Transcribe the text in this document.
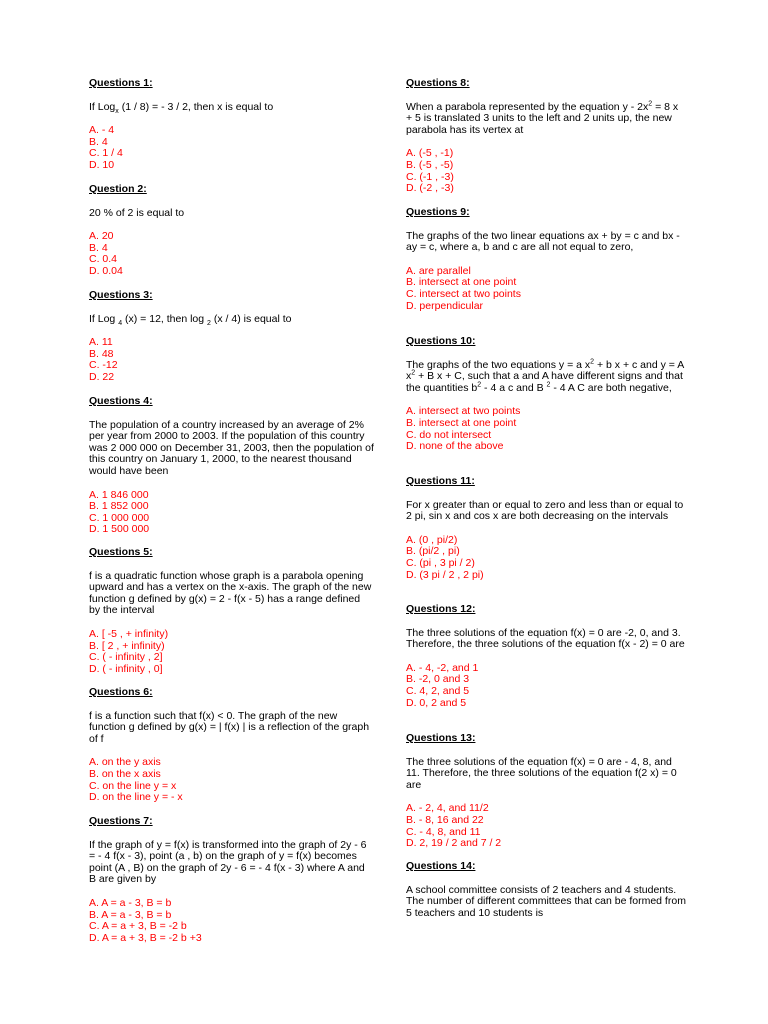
Questions 1:
If Log$_x$ (1 / 8) = - 3 / 2, then x is equal to
A. - 4
B. 4
C. 1 / 4
D. 10
Question 2:
20 % of 2 is equal to
A. 20
B. 4
C. 0.4
D. 0.04
Questions 3:
If Log $_4$ (x) = 12, then log $_2$ (x / 4) is equal to
A. 11
B. 48
C. -12
D. 22
Questions 4:
The population of a country increased by an average of 2% per year from 2000 to 2003. If the population of this country was 2 000 000 on December 31, 2003, then the population of this country on January 1, 2000, to the nearest thousand would have been
A. 1 846 000
B. 1 852 000
C. 1 000 000
D. 1 500 000
Questions 5:
f is a quadratic function whose graph is a parabola opening upward and has a vertex on the x-axis. The graph of the new function g defined by g(x) = 2 - f(x - 5) has a range defined by the interval
A. [ -5 , + infinity)
B. [ 2 , + infinity)
C. ( - infinity , 2]
D. ( - infinity , 0]
Questions 6:
f is a function such that f(x) < 0. The graph of the new function g defined by g(x) = | f(x) | is a reflection of the graph of f
A. on the y axis
B. on the x axis
C. on the line y = x
D. on the line y = - x
Questions 7:
If the graph of y = f(x) is transformed into the graph of 2y - 6 = - 4 f(x - 3), point (a , b) on the graph of y = f(x) becomes point (A , B) on the graph of 2y - 6 = - 4 f(x - 3) where A and B are given by
A. A = a - 3, B = b
B. A = a - 3, B = b
C. A = a + 3, B = -2 b
D. A = a + 3, B = -2 b +3
Questions 8:
When a parabola represented by the equation $y - 2x^2 = 8$ x + 5 is translated 3 units to the left and 2 units up, the new parabola has its vertex at
A. (-5 , -1)
B. (-5 , -5)
C. (-1 , -3)
D. (-2 , -3)
Questions 9:
The graphs of the two linear equations ax + by = c and bx - ay = c, where a, b and c are all not equal to zero,
A. are parallel
B. intersect at one point
C. intersect at two points
D. perpendicular
Questions 10:
The graphs of the two equations y = a $x^2 + b$ x + c and y = A $x^2 + B$ x + C, such that a and A have different signs and that the quantities $b^2 - 4$ a c and B $^2$ - 4 A C are both negative,
A. intersect at two points
B. intersect at one point
C. do not intersect
D. none of the above
Questions 11:
For x greater than or equal to zero and less than or equal to 2 pi, sin x and cos x are both decreasing on the intervals
A. (0 , pi/2)
B. (pi/2 , pi)
C. (pi , 3 pi / 2)
D. (3 pi / 2 , 2 pi)
Questions 12:
The three solutions of the equation f(x) = 0 are -2, 0, and 3. Therefore, the three solutions of the equation f(x - 2) = 0 are
A. - 4, -2, and 1
B. -2, 0 and 3
C. 4, 2, and 5
D. 0, 2 and 5
Questions 13:
The three solutions of the equation f(x) = 0 are - 4, 8, and 11. Therefore, the three solutions of the equation f(2 x) = 0 are
A. - 2, 4, and 11/2
B. - 8, 16 and 22
C. - 4, 8, and 11
D. 2, 19 / 2 and 7 / 2
Questions 14:
A school committee consists of 2 teachers and 4 students. The number of different committees that can be formed from 5 teachers and 10 students is
